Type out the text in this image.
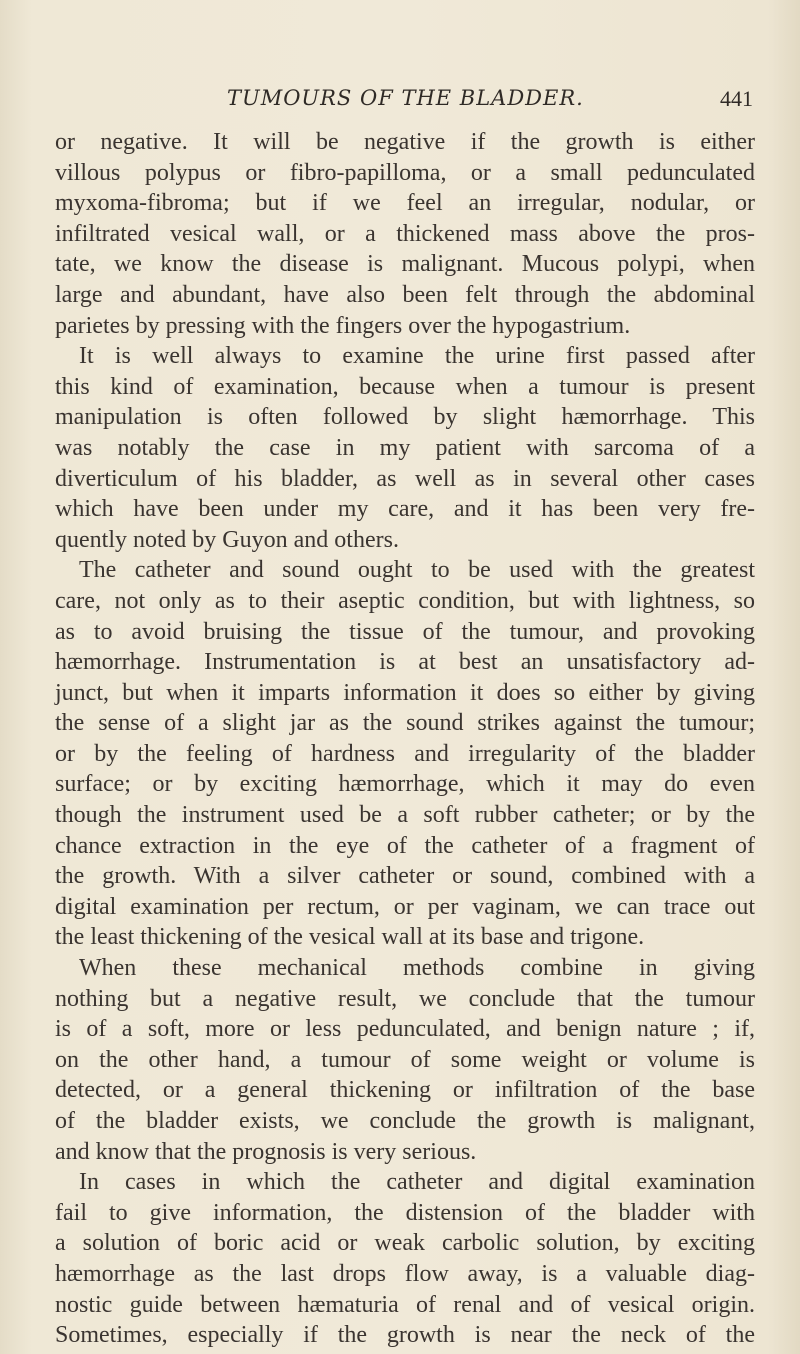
TUMOURS OF THE BLADDER.	441
or negative. It will be negative if the growth is either
villous polypus or fibro-papilloma, or a small pedunculated
myxoma-fibroma; but if we feel an irregular, nodular, or
infiltrated vesical wall, or a thickened mass above the pros-
tate, we know the disease is malignant. Mucous polypi, when
large and abundant, have also been felt through the abdominal
parietes by pressing with the fingers over the hypogastrium.
It is well always to examine the urine first passed after
this kind of examination, because when a tumour is present
manipulation is often followed by slight hæmorrhage. This
was notably the case in my patient with sarcoma of a
diverticulum of his bladder, as well as in several other cases
which have been under my care, and it has been very fre-
quently noted by Guyon and others.
The catheter and sound ought to be used with the greatest
care, not only as to their aseptic condition, but with lightness, so
as to avoid bruising the tissue of the tumour, and provoking
hæmorrhage. Instrumentation is at best an unsatisfactory ad-
junct, but when it imparts information it does so either by giving
the sense of a slight jar as the sound strikes against the tumour;
or by the feeling of hardness and irregularity of the bladder
surface; or by exciting hæmorrhage, which it may do even
though the instrument used be a soft rubber catheter; or by the
chance extraction in the eye of the catheter of a fragment of
the growth. With a silver catheter or sound, combined with a
digital examination per rectum, or per vaginam, we can trace out
the least thickening of the vesical wall at its base and trigone.
When these mechanical methods combine in giving
nothing but a negative result, we conclude that the tumour
is of a soft, more or less pedunculated, and benign nature ; if,
on the other hand, a tumour of some weight or volume is
detected, or a general thickening or infiltration of the base
of the bladder exists, we conclude the growth is malignant,
and know that the prognosis is very serious.
In cases in which the catheter and digital examination
fail to give information, the distension of the bladder with
a solution of boric acid or weak carbolic solution, by exciting
hæmorrhage as the last drops flow away, is a valuable diag-
nostic guide between hæmaturia of renal and of vesical origin.
Sometimes, especially if the growth is near the neck of the
